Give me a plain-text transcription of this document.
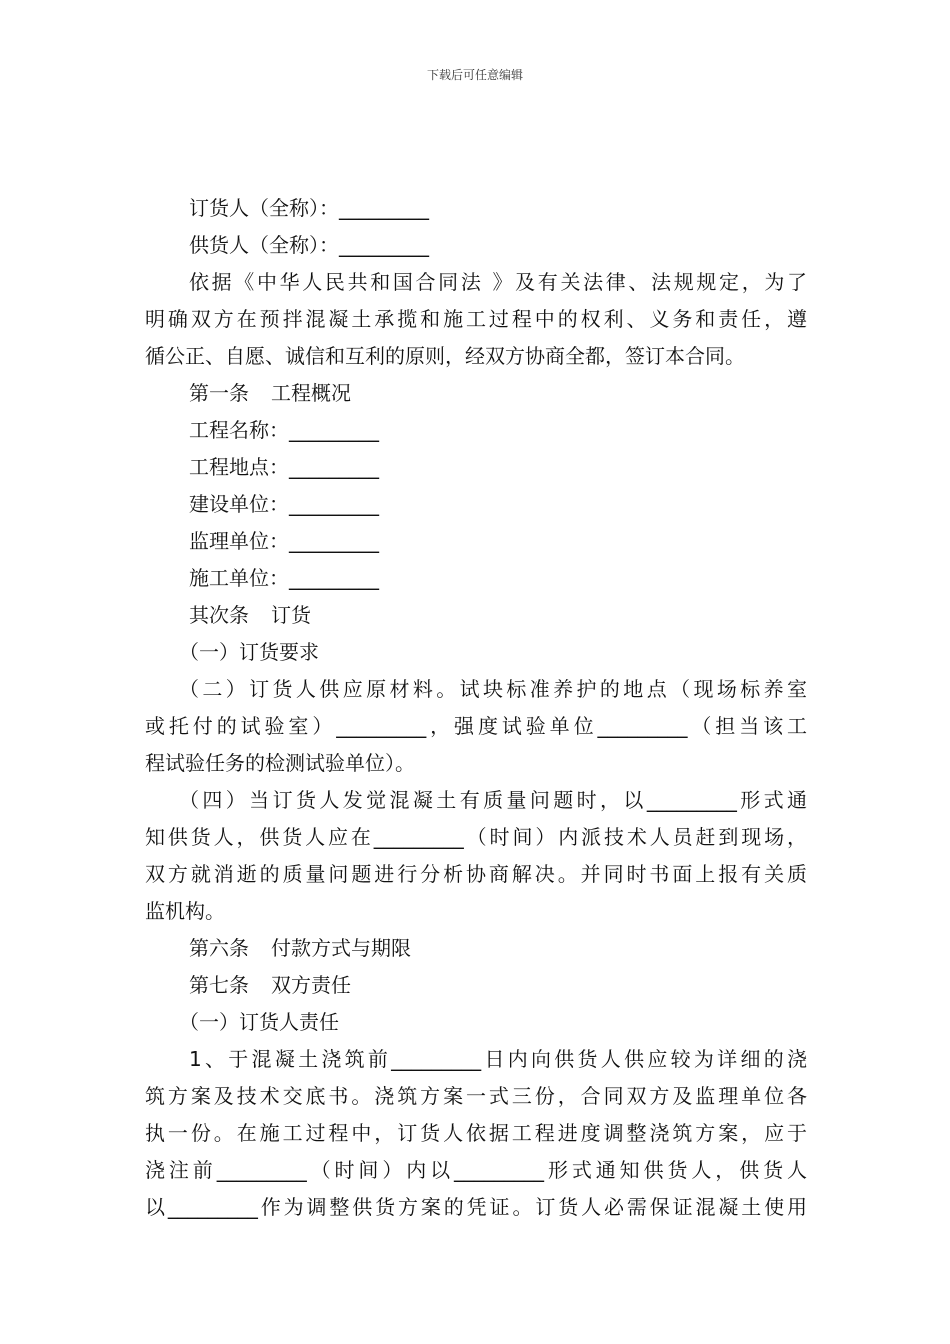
下载后可任意编辑
订货人（全称）：_________
供货人（全称）：_________
依据《中华人民共和国合同法 》及有关法律、法规规定，为了
明确双方在预拌混凝土承揽和施工过程中的权利、义务和责任，遵
循公正、自愿、诚信和互利的原则，经双方协商全都，签订本合同。
第一条 工程概况
工程名称：_________
工程地点：_________
建设单位：_________
监理单位：_________
施工单位：_________
其次条 订货
（一）订货要求
（二）订货人供应原材料。试块标准养护的地点（现场标养室
或托付的试验室）_________，强度试验单位_________（担当该工
程试验任务的检测试验单位）。
（四）当订货人发觉混凝土有质量问题时，以_________形式通
知供货人，供货人应在_________（时间）内派技术人员赶到现场，
双方就消逝的质量问题进行分析协商解决。并同时书面上报有关质
监机构。
第六条 付款方式与期限
第七条 双方责任
（一）订货人责任
1、于混凝土浇筑前_________日内向供货人供应较为详细的浇
筑方案及技术交底书。浇筑方案一式三份，合同双方及监理单位各
执一份。在施工过程中，订货人依据工程进度调整浇筑方案，应于
浇注前_________（时间）内以_________形式通知供货人，供货人
以_________作为调整供货方案的凭证。订货人必需保证混凝土使用
